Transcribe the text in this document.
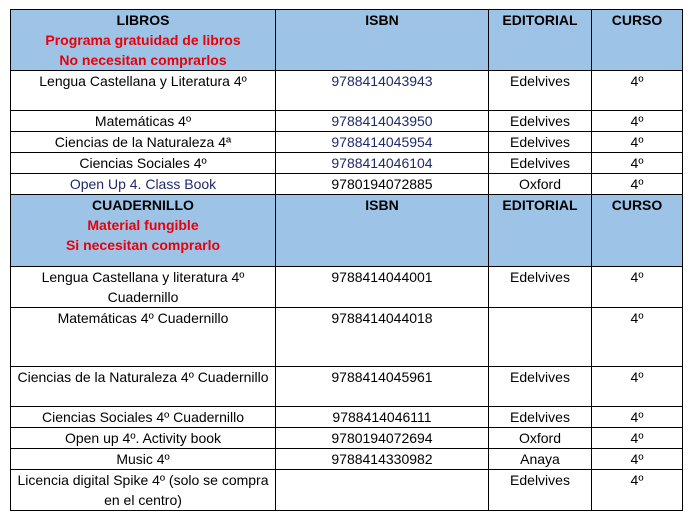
LIBROS
Programa gratuidad de libros
No necesitan comprarlos	ISBN	EDITORIAL	CURSO

Lengua Castellana y Literatura 4º	9788414043943	Edelvives	4º
Matemáticas 4º	9788414043950	Edelvives	4º
Ciencias de la Naturaleza 4ª	9788414045954	Edelvives	4º
Ciencias Sociales 4º	9788414046104	Edelvives	4º
Open Up 4. Class Book	9780194072885	Oxford	4º

CUADERNILLO
Material fungible
Si necesitan comprarlo	ISBN	EDITORIAL	CURSO

Lengua Castellana y literatura 4º Cuadernillo	9788414044001	Edelvives	4º
Matemáticas 4º Cuadernillo	9788414044018		4º
Ciencias de la Naturaleza 4º Cuadernillo	9788414045961	Edelvives	4º
Ciencias Sociales 4º Cuadernillo	9788414046111	Edelvives	4º
Open up 4º. Activity book	9780194072694	Oxford	4º
Music 4º	9788414330982	Anaya	4º
Licencia digital Spike 4º (solo se compra en el centro)		Edelvives	4º
